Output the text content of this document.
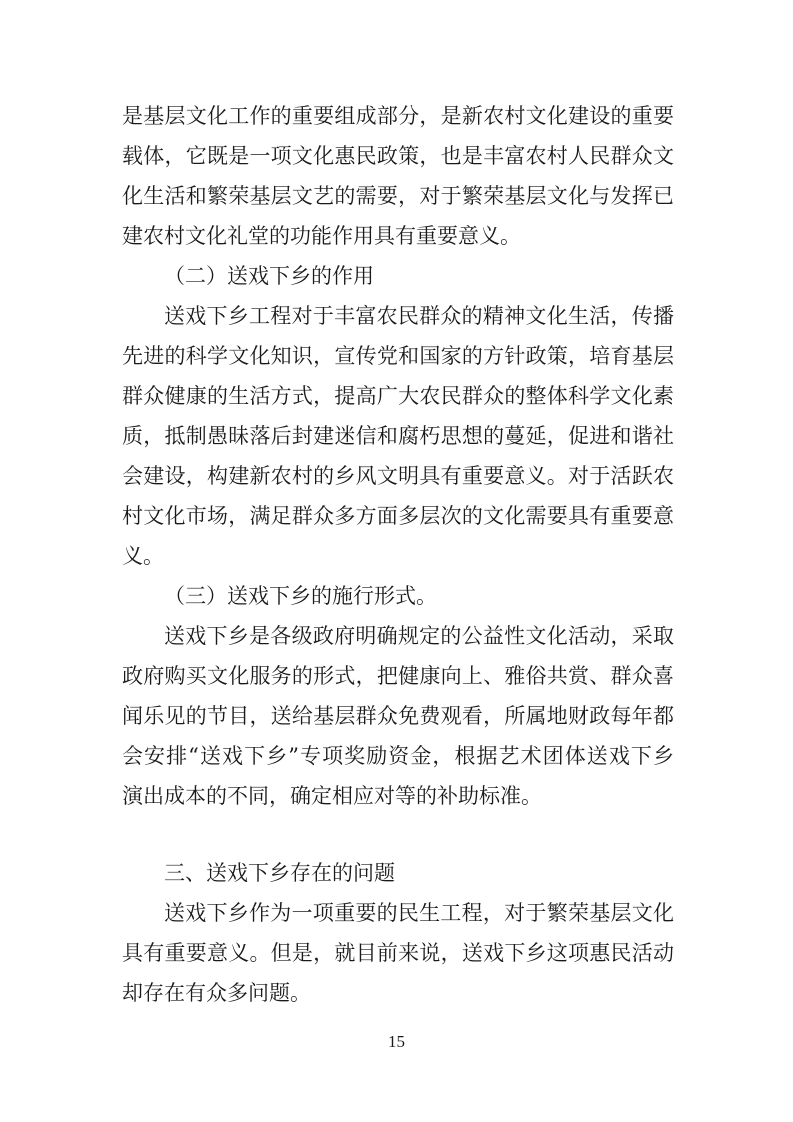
是基层文化工作的重要组成部分，是新农村文化建设的重要
载体，它既是一项文化惠民政策，也是丰富农村人民群众文
化生活和繁荣基层文艺的需要，对于繁荣基层文化与发挥已
建农村文化礼堂的功能作用具有重要意义。
（二）送戏下乡的作用
送戏下乡工程对于丰富农民群众的精神文化生活，传播
先进的科学文化知识，宣传党和国家的方针政策，培育基层
群众健康的生活方式，提高广大农民群众的整体科学文化素
质，抵制愚昧落后封建迷信和腐朽思想的蔓延，促进和谐社
会建设，构建新农村的乡风文明具有重要意义。对于活跃农
村文化市场，满足群众多方面多层次的文化需要具有重要意
义。
（三）送戏下乡的施行形式。
送戏下乡是各级政府明确规定的公益性文化活动，采取
政府购买文化服务的形式，把健康向上、雅俗共赏、群众喜
闻乐见的节目，送给基层群众免费观看，所属地财政每年都
会安排“送戏下乡”专项奖励资金，根据艺术团体送戏下乡
演出成本的不同，确定相应对等的补助标准。
三、送戏下乡存在的问题
送戏下乡作为一项重要的民生工程，对于繁荣基层文化
具有重要意义。但是，就目前来说，送戏下乡这项惠民活动
却存在有众多问题。
15
